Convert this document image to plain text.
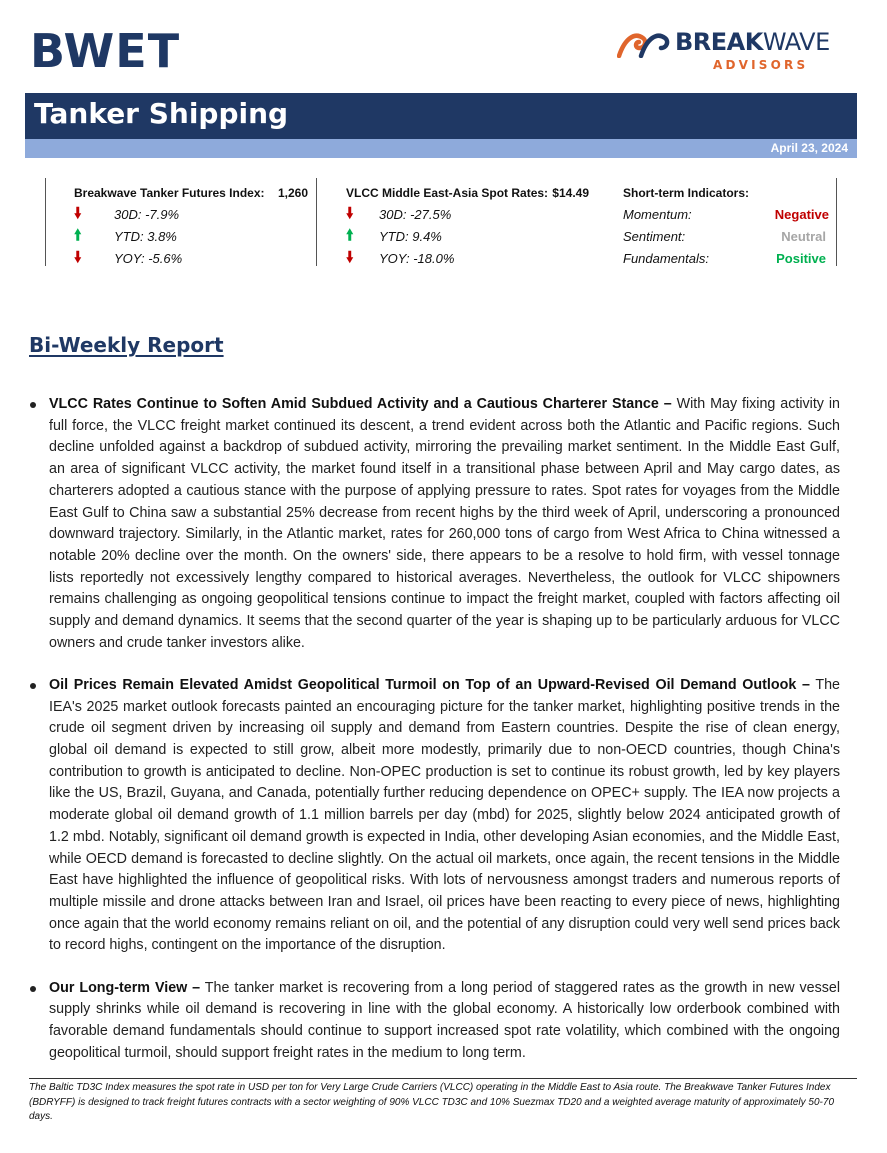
BWET	BREAKWAVE
ADVISORS
Tanker Shipping
April 23, 2024
Breakwave Tanker Futures Index: 1,260
🠛 30D: -7.9%
🠙 YTD: 3.8%
🠛 YOY: -5.6%
VLCC Middle East-Asia Spot Rates: $14.49
🠛 30D: -27.5%
🠙 YTD: 9.4%
🠛 YOY: -18.0%
Short-term Indicators:
Momentum:	Negative
Sentiment:	Neutral
Fundamentals:	Positive
Bi-Weekly Report
VLCC Rates Continue to Soften Amid Subdued Activity and a Cautious Charterer Stance – With May fixing activity in full force, the VLCC freight market continued its descent, a trend evident across both the Atlantic and Pacific regions. Such decline unfolded against a backdrop of subdued activity, mirroring the prevailing market sentiment. In the Middle East Gulf, an area of significant VLCC activity, the market found itself in a transitional phase between April and May cargo dates, as charterers adopted a cautious stance with the purpose of applying pressure to rates. Spot rates for voyages from the Middle East Gulf to China saw a substantial 25% decrease from recent highs by the third week of April, underscoring a pronounced downward trajectory. Similarly, in the Atlantic market, rates for 260,000 tons of cargo from West Africa to China witnessed a notable 20% decline over the month. On the owners' side, there appears to be a resolve to hold firm, with vessel tonnage lists reportedly not excessively lengthy compared to historical averages. Nevertheless, the outlook for VLCC shipowners remains challenging as ongoing geopolitical tensions continue to impact the freight market, coupled with factors affecting oil supply and demand dynamics. It seems that the second quarter of the year is shaping up to be particularly arduous for VLCC owners and crude tanker investors alike.
Oil Prices Remain Elevated Amidst Geopolitical Turmoil on Top of an Upward-Revised Oil Demand Outlook – The IEA's 2025 market outlook forecasts painted an encouraging picture for the tanker market, highlighting positive trends in the crude oil segment driven by increasing oil supply and demand from Eastern countries. Despite the rise of clean energy, global oil demand is expected to still grow, albeit more modestly, primarily due to non-OECD countries, though China's contribution to growth is anticipated to decline. Non-OPEC production is set to continue its robust growth, led by key players like the US, Brazil, Guyana, and Canada, potentially further reducing dependence on OPEC+ supply. The IEA now projects a moderate global oil demand growth of 1.1 million barrels per day (mbd) for 2025, slightly below 2024 anticipated growth of 1.2 mbd. Notably, significant oil demand growth is expected in India, other developing Asian economies, and the Middle East, while OECD demand is forecasted to decline slightly. On the actual oil markets, once again, the recent tensions in the Middle East have highlighted the influence of geopolitical risks. With lots of nervousness amongst traders and numerous reports of multiple missile and drone attacks between Iran and Israel, oil prices have been reacting to every piece of news, highlighting once again that the world economy remains reliant on oil, and the potential of any disruption could very well send prices back to record highs, contingent on the importance of the disruption.
Our Long-term View – The tanker market is recovering from a long period of staggered rates as the growth in new vessel supply shrinks while oil demand is recovering in line with the global economy. A historically low orderbook combined with favorable demand fundamentals should continue to support increased spot rate volatility, which combined with the ongoing geopolitical turmoil, should support freight rates in the medium to long term.
The Baltic TD3C Index measures the spot rate in USD per ton for Very Large Crude Carriers (VLCC) operating in the Middle East to Asia route. The Breakwave Tanker Futures Index (BDRYFF) is designed to track freight futures contracts with a sector weighting of 90% VLCC TD3C and 10% Suezmax TD20 and a weighted average maturity of approximately 50-70 days.
